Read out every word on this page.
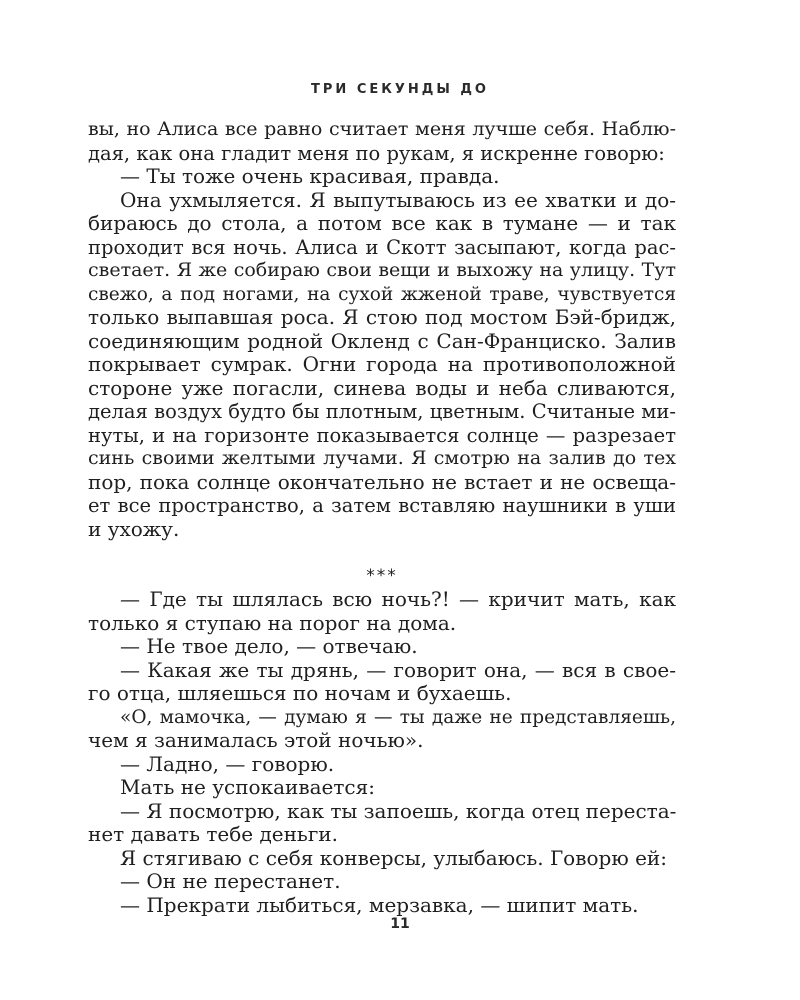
ТРИ СЕКУНДЫ ДО
вы, но Алиса все равно считает меня лучше себя. Наблю-
дая, как она гладит меня по рукам, я искренне говорю:
— Ты тоже очень красивая, правда.
Она ухмыляется. Я выпутываюсь из ее хватки и до-
бираюсь до стола, а потом все как в тумане — и так
проходит вся ночь. Алиса и Скотт засыпают, когда рас-
светает. Я же собираю свои вещи и выхожу на улицу. Тут
свежо, а под ногами, на сухой жженой траве, чувствуется
только выпавшая роса. Я стою под мостом Бэй-бридж,
соединяющим родной Окленд с Сан-Франциско. Залив
покрывает сумрак. Огни города на противоположной
стороне уже погасли, синева воды и неба сливаются,
делая воздух будто бы плотным, цветным. Считаные ми-
нуты, и на горизонте показывается солнце — разрезает
синь своими желтыми лучами. Я смотрю на залив до тех
пор, пока солнце окончательно не встает и не освеща-
ет все пространство, а затем вставляю наушники в уши
и ухожу.
***
— Где ты шлялась всю ночь?! — кричит мать, как
только я ступаю на порог на дома.
— Не твое дело, — отвечаю.
— Какая же ты дрянь, — говорит она, — вся в свое-
го отца, шляешься по ночам и бухаешь.
«О, мамочка, — думаю я — ты даже не представляешь,
чем я занималась этой ночью».
— Ладно, — говорю.
Мать не успокаивается:
— Я посмотрю, как ты запоешь, когда отец переста-
нет давать тебе деньги.
Я стягиваю с себя конверсы, улыбаюсь. Говорю ей:
— Он не перестанет.
— Прекрати лыбиться, мерзавка, — шипит мать.
11
